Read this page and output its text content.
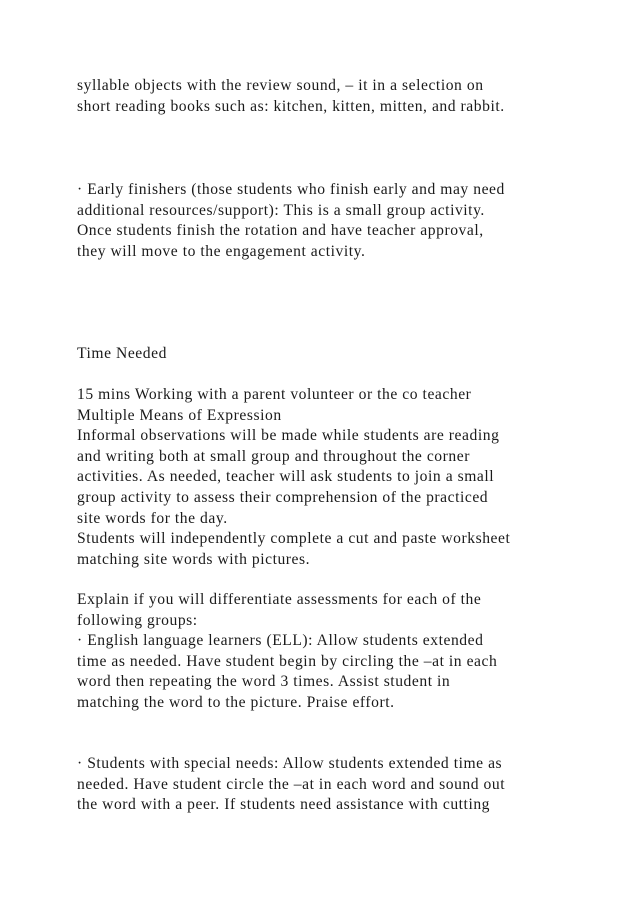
syllable objects with the review sound, – it in a selection on
short reading books such as: kitchen, kitten, mitten, and rabbit.
· Early finishers (those students who finish early and may need
additional resources/support): This is a small group activity.
Once students finish the rotation and have teacher approval,
they will move to the engagement activity.
Time Needed
15 mins Working with a parent volunteer or the co teacher
Multiple Means of Expression
Informal observations will be made while students are reading
and writing both at small group and throughout the corner
activities. As needed, teacher will ask students to join a small
group activity to assess their comprehension of the practiced
site words for the day.
Students will independently complete a cut and paste worksheet
matching site words with pictures.
Explain if you will differentiate assessments for each of the
following groups:
· English language learners (ELL): Allow students extended
time as needed. Have student begin by circling the –at in each
word then repeating the word 3 times. Assist student in
matching the word to the picture. Praise effort.
· Students with special needs: Allow students extended time as
needed. Have student circle the –at in each word and sound out
the word with a peer. If students need assistance with cutting
